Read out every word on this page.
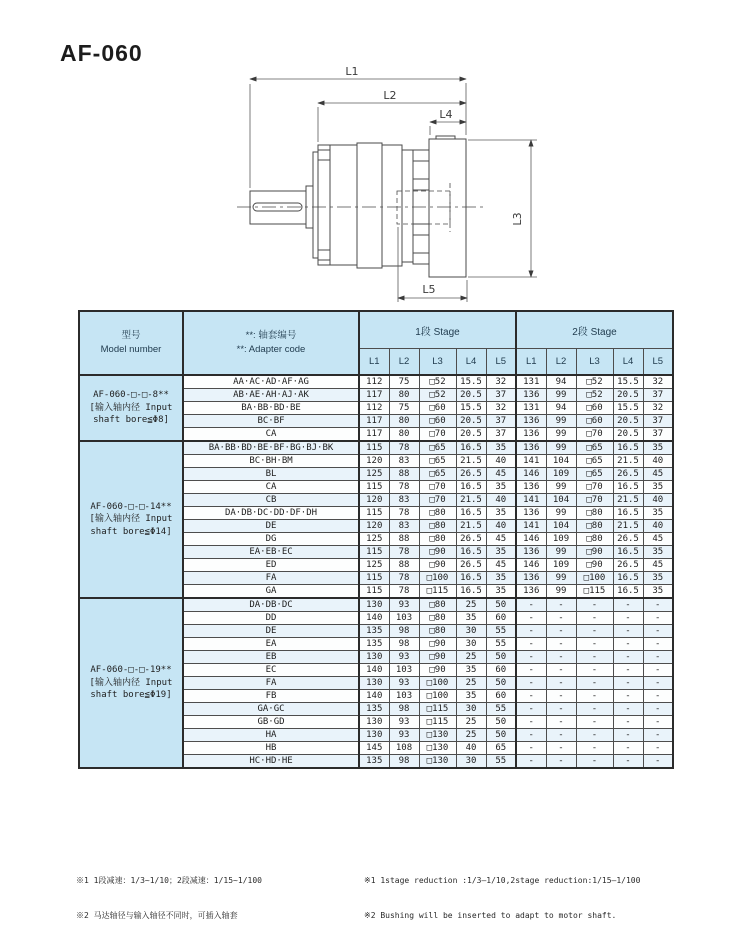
AF-060
L1
L2
L4
L3
L5
型号
Model number

**: 轴套编号
**: Adapter code
	1段 Stage	2段 Stage
		L1	L2	L3	L4	L5	L1	L2	L3	L4	L5

AF-060-□-□-8**
[输入轴内径 Input
shaft bore≦Φ8]	AA·AC·AD·AF·AG	112	75	□52	15.5	32	131	94	□52	15.5	32
	AB·AE·AH·AJ·AK	117	80	□52	20.5	37	136	99	□52	20.5	37
	BA·BB·BD·BE	112	75	□60	15.5	32	131	94	□60	15.5	32
	BC·BF	117	80	□60	20.5	37	136	99	□60	20.5	37
	CA	117	80	□70	20.5	37	136	99	□70	20.5	37

AF-060-□-□-14**
[输入轴内径 Input
shaft bore≦Φ14]	BA·BB·BD·BE·BF·BG·BJ·BK	115	78	□65	16.5	35	136	99	□65	16.5	35
	BC·BH·BM	120	83	□65	21.5	40	141	104	□65	21.5	40
	BL	125	88	□65	26.5	45	146	109	□65	26.5	45
	CA	115	78	□70	16.5	35	136	99	□70	16.5	35
	CB	120	83	□70	21.5	40	141	104	□70	21.5	40
	DA·DB·DC·DD·DF·DH	115	78	□80	16.5	35	136	99	□80	16.5	35
	DE	120	83	□80	21.5	40	141	104	□80	21.5	40
	DG	125	88	□80	26.5	45	146	109	□80	26.5	45
	EA·EB·EC	115	78	□90	16.5	35	136	99	□90	16.5	35
	ED	125	88	□90	26.5	45	146	109	□90	26.5	45
	FA	115	78	□100	16.5	35	136	99	□100	16.5	35
	GA	115	78	□115	16.5	35	136	99	□115	16.5	35

AF-060-□-□-19**
[输入轴内径 Input
shaft bore≦Φ19]	DA·DB·DC	130	93	□80	25	50	-	-	-	-	-
	DD	140	103	□80	35	60	-	-	-	-	-
	DE	135	98	□80	30	55	-	-	-	-	-
	EA	135	98	□90	30	55	-	-	-	-	-
	EB	130	93	□90	25	50	-	-	-	-	-
	EC	140	103	□90	35	60	-	-	-	-	-
	FA	130	93	□100	25	50	-	-	-	-	-
	FB	140	103	□100	35	60	-	-	-	-	-
	GA·GC	135	98	□115	30	55	-	-	-	-	-
	GB·GD	130	93	□115	25	50	-	-	-	-	-
	HA	130	93	□130	25	50	-	-	-	-	-
	HB	145	108	□130	40	65	-	-	-	-	-
	HC·HD·HE	135	98	□130	30	55	-	-	-	-	-

※1 1段减速：1/3~1/10；2段减速：1/15~1/100

※2 马达轴径与输入轴径不同时，可插入轴套

※1 1stage reduction :1/3—1/10,2stage reduction:1/15—1/100

※2 Bushing will be inserted to adapt to motor shaft.
